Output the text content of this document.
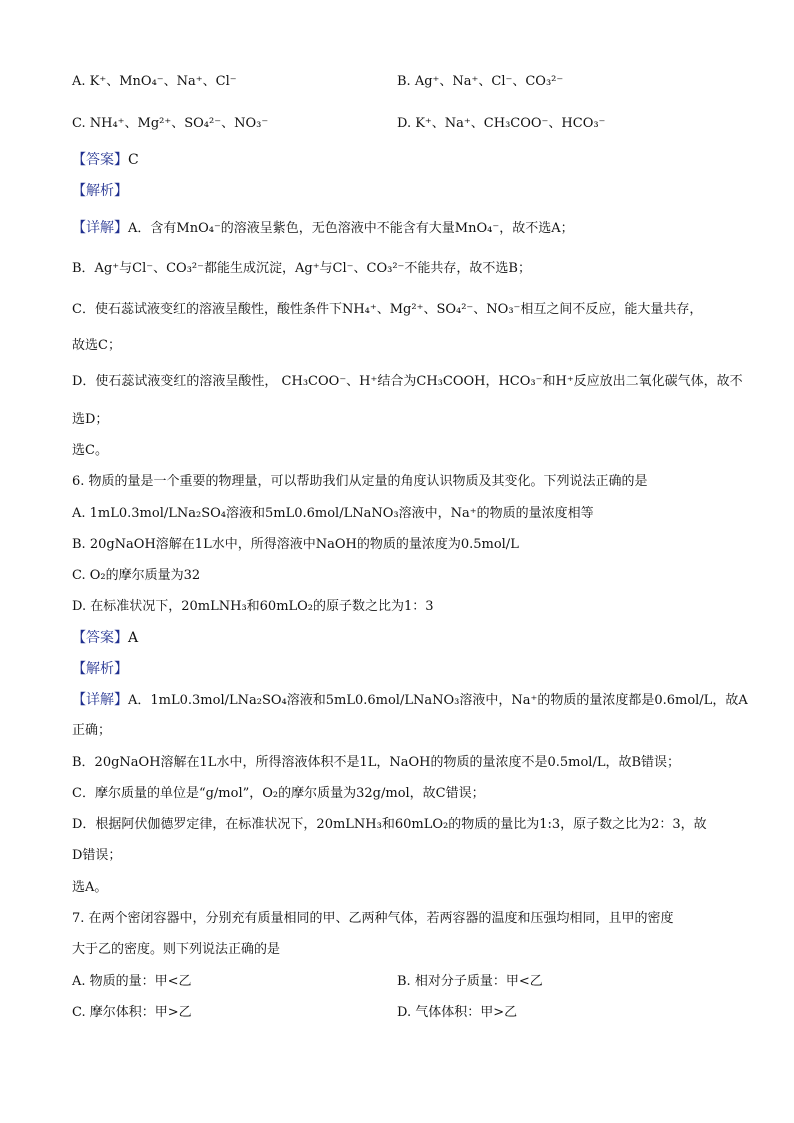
A. K⁺、MnO₄⁻、Na⁺、Cl⁻	B. Ag⁺、Na⁺、Cl⁻、CO₃²⁻
C. NH₄⁺、Mg²⁺、SO₄²⁻、NO₃⁻	D. K⁺、Na⁺、CH₃COO⁻、HCO₃⁻
【答案】C
【解析】
【详解】A．含有MnO₄⁻的溶液呈紫色，无色溶液中不能含有大量MnO₄⁻，故不选A；
B．Ag⁺与Cl⁻、CO₃²⁻都能生成沉淀，Ag⁺与Cl⁻、CO₃²⁻不能共存，故不选B；
C．使石蕊试液变红的溶液呈酸性，酸性条件下NH₄⁺、Mg²⁺、SO₄²⁻、NO₃⁻相互之间不反应，能大量共存，
故选C；
D．使石蕊试液变红的溶液呈酸性， CH₃COO⁻、H⁺结合为CH₃COOH，HCO₃⁻和H⁺反应放出二氧化碳气体，故不
选D；
选C。
6. 物质的量是一个重要的物理量，可以帮助我们从定量的角度认识物质及其变化。下列说法正确的是
A. 1mL0.3mol/LNa₂SO₄溶液和5mL0.6mol/LNaNO₃溶液中，Na⁺的物质的量浓度相等
B. 20gNaOH溶解在1L水中，所得溶液中NaOH的物质的量浓度为0.5mol/L
C. O₂的摩尔质量为32
D. 在标准状况下，20mLNH₃和60mLO₂的原子数之比为1：3
【答案】A
【解析】
【详解】A．1mL0.3mol/LNa₂SO₄溶液和5mL0.6mol/LNaNO₃溶液中，Na⁺的物质的量浓度都是0.6mol/L，故A
正确；
B．20gNaOH溶解在1L水中，所得溶液体积不是1L，NaOH的物质的量浓度不是0.5mol/L，故B错误；
C．摩尔质量的单位是“g/mol”，O₂的摩尔质量为32g/mol，故C错误；
D．根据阿伏伽德罗定律，在标准状况下，20mLNH₃和60mLO₂的物质的量比为1:3，原子数之比为2：3，故
D错误；
选A。
7. 在两个密闭容器中，分别充有质量相同的甲、乙两种气体，若两容器的温度和压强均相同，且甲的密度
大于乙的密度。则下列说法正确的是
A. 物质的量：甲<乙	B. 相对分子质量：甲<乙
C. 摩尔体积：甲>乙	D. 气体体积：甲>乙
